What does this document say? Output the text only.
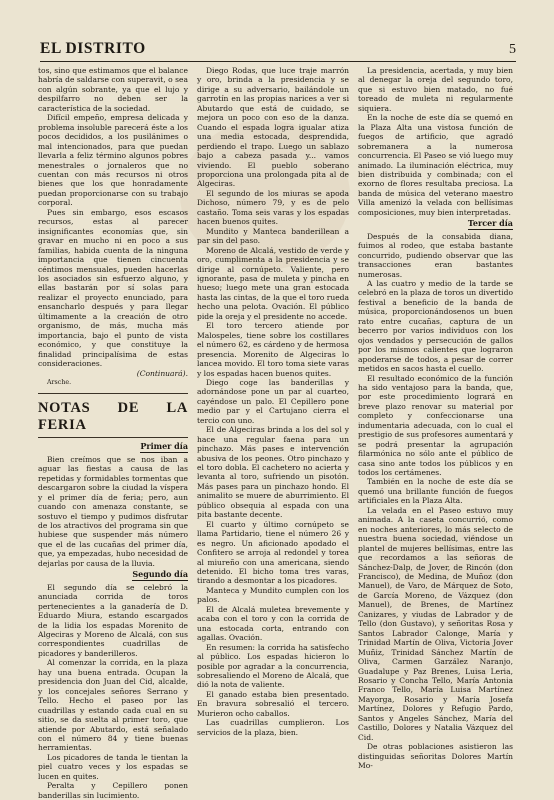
EL DISTRITO	5

tos, sino que estimamos que el balance habría de saldarse con superavit, o sea con algún sobrante, ya que el lujo y despilfarro no deben ser la característica de la sociedad.

Difícil empeño, empresa delicada y problema insoluble parecerá éste a los pocos decididos, a los pusilánimes o mal intencionados, para que puedan llevarla a feliz término algunos pobres menestrales o jornaleros que no cuentan con más recursos ni otros bienes que los que honradamente puedan proporcionarse con su trabajo corporal.

Pues sin embargo, esos escasos recursos, estas al parecer insignificantes economías que, sin gravar en mucho ni en poco a sus familias, habida cuenta de la ninguna importancia que tienen cincuenta céntimos mensuales, pueden hacerlas los asociados sin esfuerzo alguno, y ellas bastarán por sí solas para realizar el proyecto enunciado, para ensancharlo después y para llegar últimamente a la creación de otro organismo, de más, mucha más importancia, bajo el punto de vista económico, y que constituye la finalidad principalísima de estas consideraciones.

(Continuará).

Arsche.

NOTAS DE LA FERIA
Primer día

Bien creímos que se nos iban a aguar las fiestas a causa de las repetidas y formidables tormentas que descargaron sobre la ciudad la víspera y el primer día de feria; pero, aun cuando con amenaza constante, se sostuvo el tiempo y pudimos disfrutar de los atractivos del programa sin que hubiese que suspender más número que el de las cucañas del primer día, que, ya empezadas, hubo necesidad de dejarlas por causa de la lluvia.

Segundo día

El segundo día se celebró la anunciada corrida de toros pertenecientes a la ganadería de D. Eduardo Miura, estando escargados de la lidia los espadas Morenito de Algeciras y Moreno de Alcalá, con sus correspondientes cuadrillas de picadores y banderilleros.

Al comenzar la corrida, en la plaza hay una buena entrada. Ocupan la presidencia don Juan del Cid, alcalde, y los concejales señores Serrano y Tello. Hecho el paseo por las cuadrillas y estando cada cual en su sitio, se da suelta al primer toro, que atiende por Abutardo, está señalado con el número 84 y tiene buenas herramientas.

Los picadores de tanda le tientan la piel cuatro veces y los espadas se lucen en quites.

Peralta y Cepillero ponen banderillas sin lucimiento.

Diego Rodas, que luce traje marrón y oro, brinda a la presidencia y se dirige a su adversario, bailándole un garrotín en las propias narices a ver si Abutardo que está de cuidado, se mejora un poco con eso de la danza. Cuando el espada logra igualar atiza una media estocada, desprendida, perdiendo el trapo. Luego un sablazo bajo a cabeza pasada y... vamos viviendo. El pueblo soberano proporciona una prolongada pita al de Algeciras.

El segundo de los miuras se apoda Dichoso, número 79, y es de pelo castaño. Toma seis varas y los espadas hacen buenos quites.

Mundito y Manteca banderillean a par sin del paso.

Moreno de Alcalá, vestido de verde y oro, cumplimenta a la presidencia y se dirige al cornúpeto. Valiente, pero ignorante, pasa de muleta y pincha en hueso; luego mete una gran estocada hasta las cintas, de la que el toro rueda hecho una pelota. Ovación. El público pide la oreja y el presidente no accede.

El toro tercero atiende por Malospeles, tiene sobre los costillares el número 62, es cárdeno y de hermosa presencia. Morenito de Algeciras lo lancea movido. El toro toma siete varas y los espadas hacen buenos quites.

Diego coge las banderillas y adornándose pone un par al cuarteo, cayéndose un palo. El Cepillero pone medio par y el Cartujano cierra el tercio con uno.

El de Algeciras brinda a los del sol y hace una regular faena para un pinchazo. Más pases e intervención abusiva de los peones. Otro pinchazo y el toro dobla. El cachetero no acierta y levanta al toro, sufriendo un pisotón. Más pases para un pinchazo hondo. El animalito se muere de aburrimiento. El público obsequia al espada con una pita bastante decente.

El cuarto y último cornúpeto se llama Partidario, tiene el número 26 y es negro. Un aficionado apodado el Confitero se arroja al redondel y torea al miureño con una americana, siendo detenido. El bicho toma tres varas, tirando a desmontar a los picadores.

Manteca y Mundito cumplen con los palos.

El de Alcalá muletea brevemente y acaba con el toro y con la corrida de una estocada corta, entrando con agallas. Ovación.

En resumen: la corrida ha satisfecho al público. Los espadas hicieron lo posible por agradar a la concurrencia, sobresaliendo el Moreno de Alcalá, que dió la nota de valiente.

El ganado estaba bien presentado. En bravura sobresalió el tercero. Murieron ocho caballos.

Las cuadrillas cumplieron. Los servicios de la plaza, bien.

La presidencia, acertada, y muy bien al denegar la oreja del segundo toro, que si estuvo bien matado, no fué toreado de muleta ni regularmente siquiera.

En la noche de este día se quemó en la Plaza Alta una vistosa función de fuegos de artificio, que agradó sobremanera a la numerosa concurrencia. El Paseo se vió luego muy animado. La iluminación eléctrica, muy bien distribuida y combinada; con el exorno de flores resultaba preciosa. La banda de música del veterano maestro Villa amenizó la velada con bellísimas composiciones, muy bien interpretadas.

Tercer día

Después de la consabida diana, fuimos al rodeo, que estaba bastante concurrido, pudiendo observar que las transacciones eran bastantes numerosas.

A las cuatro y medio de la tarde se celebró en la plaza de toros un divertido festival a beneficio de la banda de música, proporcionándosenos un buen rato entre cucañas, captura de un becerro por varios individuos con los ojos vendados y persecución de gallos por los mismos calientes que lograron apoderarse de todos, a pesar de correr metidos en sacos hasta el cuello.

El resultado económico de la función ha sido ventajoso para la banda, que, por este procedimiento logrará en breve plazo renovar su material por completo y confeccionarse una indumentaria adecuada, con lo cual el prestigio de sus profesores aumentará y se podrá presentar la agrupación filarmónica no sólo ante el público de casa sino ante todos los públicos y en todos los certámenes.

También en la noche de este día se quemó una brillante función de fuegos artificiales en la Plaza Alta.

La velada en el Paseo estuvo muy animada. A la caseta concurrió, como en noches anteriores, lo más selecto de nuestra buena sociedad, viéndose un plantel de mujeres bellísimas, entre las que recordamos a las señoras de Sánchez-Dalp, de Jover, de Rincón (don Francisco), de Medina, de Muñoz (don Manuel), de Varo, de Márquez de Soto, de García Moreno, de Vázquez (don Manuel), de Brenes, de Martínez Canizares, y viudas de Labrador y de Tello (don Gustavo), y señoritas Rosa y Santos Labrador Calonge, María y Trinidad Martín de Oliva, Victoria Jover Muñiz, Trinidad Sánchez Martín de Oliva, Carmen Garzález Naranjo, Guadalupe y Paz Brenes, Luisa Leria, Rosario y Concha Tello, María Antonia Franco Tello, María Luisa Martínez Mayorga, Rosario y María Josefa Martínez, Dolores y Refugio Pardo, Santos y Angeles Sánchez, María del Castillo, Dolores y Natalia Vázquez del Cid.

De otras poblaciones asistieron las distinguidas señoritas Dolores Martín Mo-
